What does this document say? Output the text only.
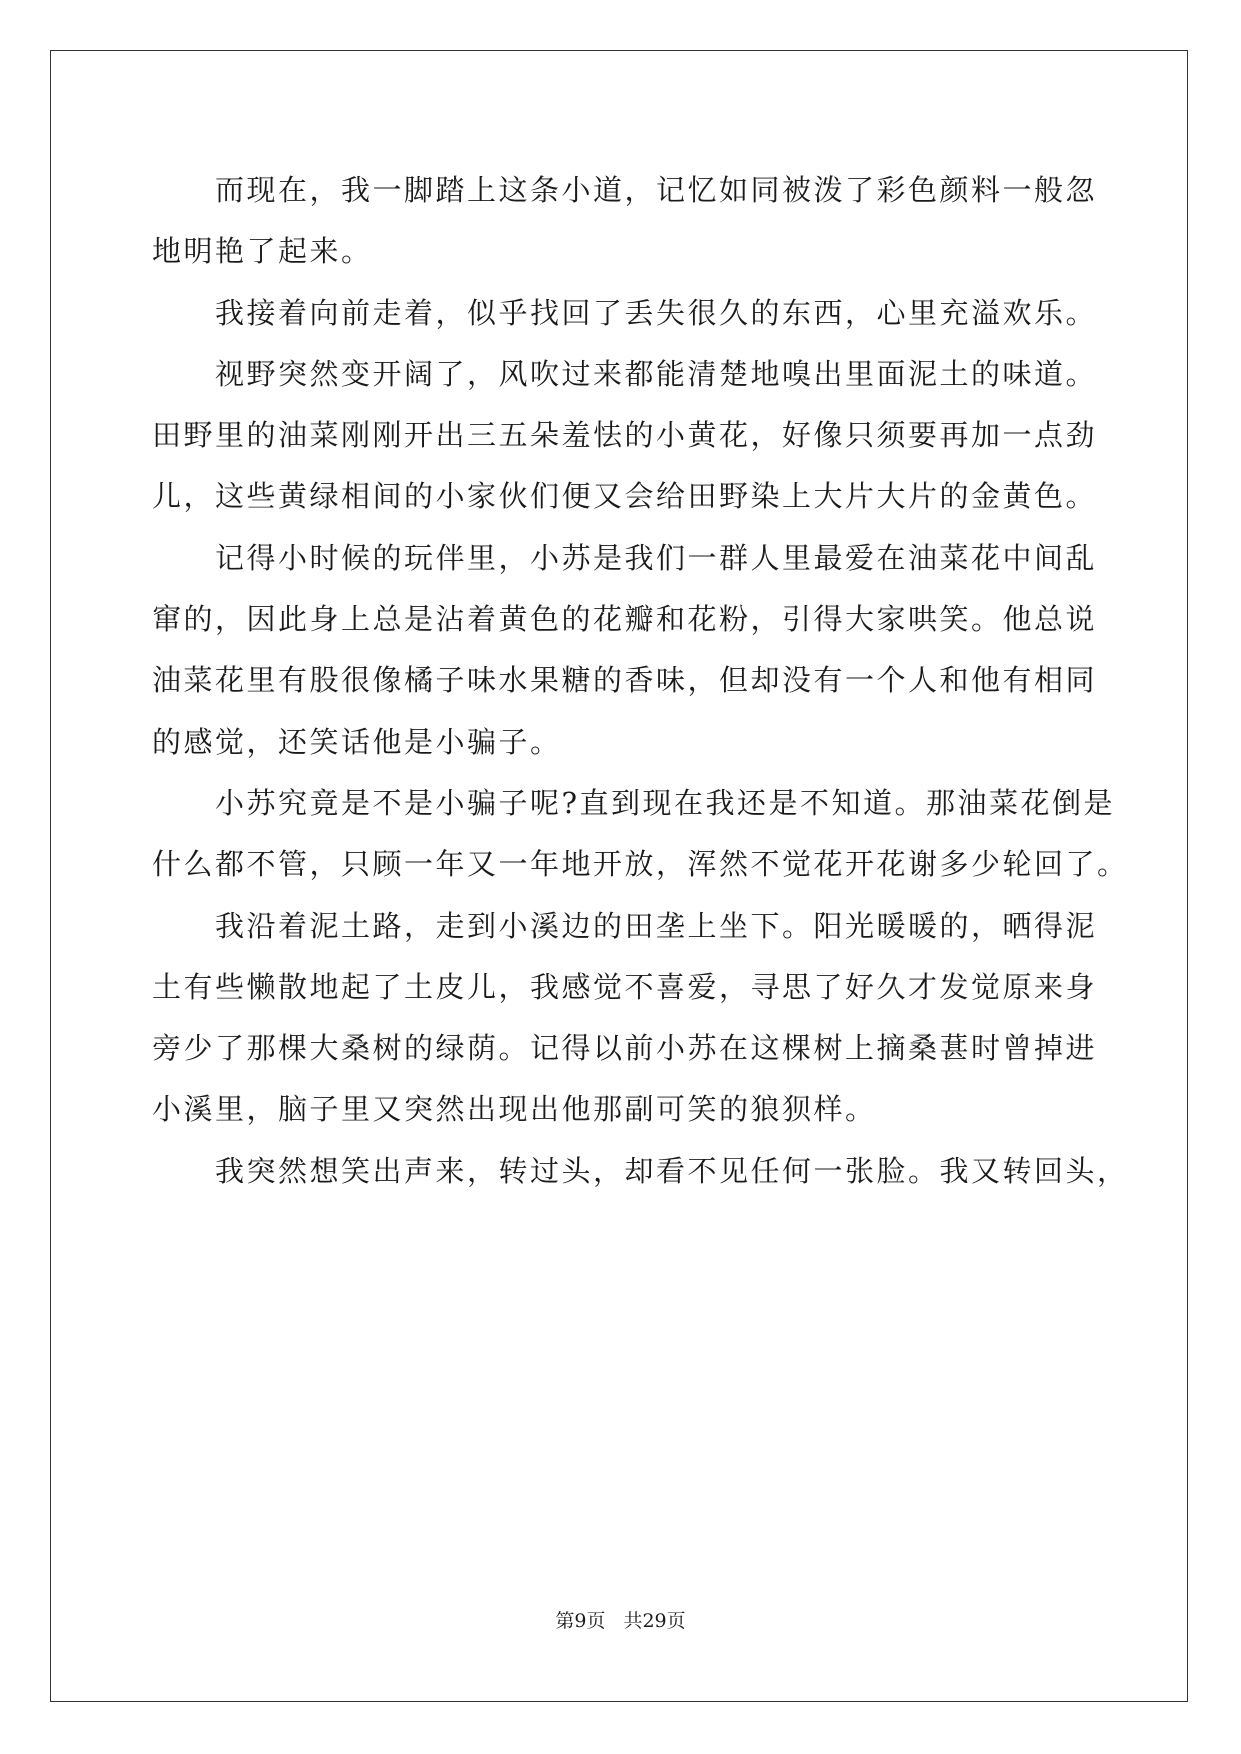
而现在，我一脚踏上这条小道，记忆如同被泼了彩色颜料一般忽
地明艳了起来。
我接着向前走着，似乎找回了丢失很久的东西，心里充溢欢乐。
视野突然变开阔了，风吹过来都能清楚地嗅出里面泥土的味道。
田野里的油菜刚刚开出三五朵羞怯的小黄花，好像只须要再加一点劲
儿，这些黄绿相间的小家伙们便又会给田野染上大片大片的金黄色。
记得小时候的玩伴里，小苏是我们一群人里最爱在油菜花中间乱
窜的，因此身上总是沾着黄色的花瓣和花粉，引得大家哄笑。他总说
油菜花里有股很像橘子味水果糖的香味，但却没有一个人和他有相同
的感觉，还笑话他是小骗子。
小苏究竟是不是小骗子呢?直到现在我还是不知道。那油菜花倒是
什么都不管，只顾一年又一年地开放，浑然不觉花开花谢多少轮回了。
我沿着泥土路，走到小溪边的田垄上坐下。阳光暖暖的，晒得泥
土有些懒散地起了土皮儿，我感觉不喜爱，寻思了好久才发觉原来身
旁少了那棵大桑树的绿荫。记得以前小苏在这棵树上摘桑葚时曾掉进
小溪里，脑子里又突然出现出他那副可笑的狼狈样。
我突然想笑出声来，转过头，却看不见任何一张脸。我又转回头，
第9页 共29页
